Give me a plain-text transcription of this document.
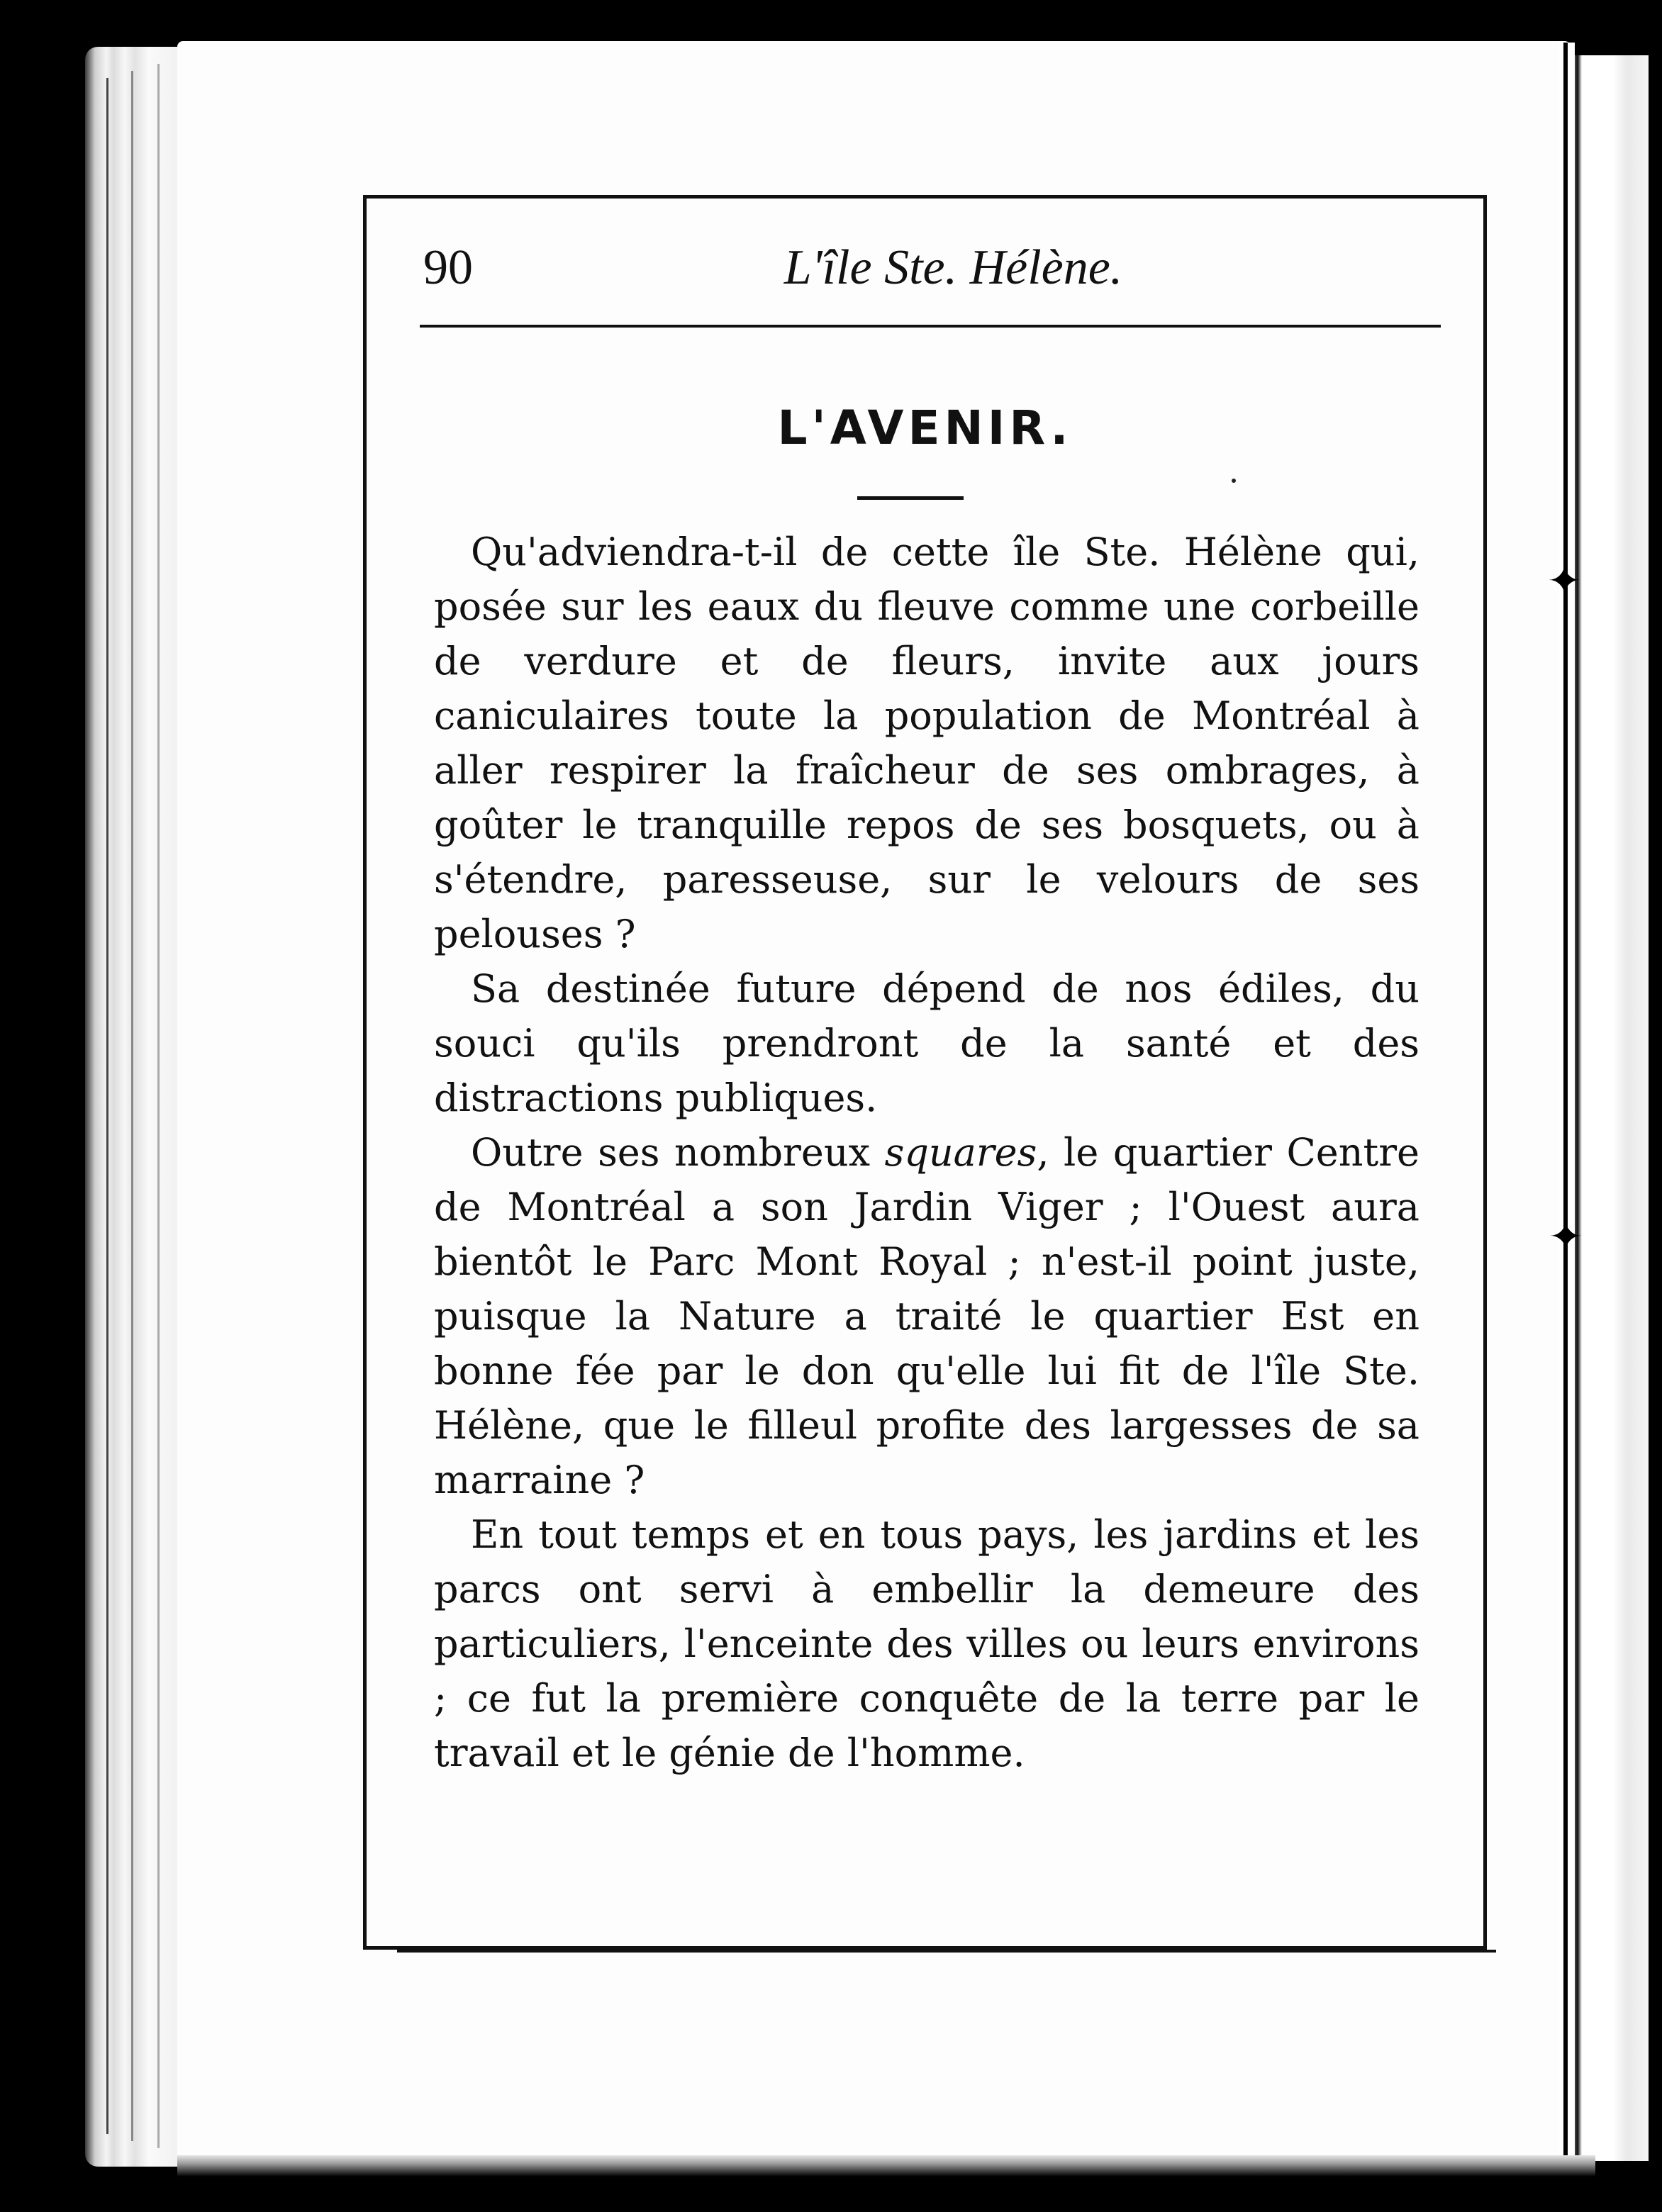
✦
✦
90	L'île Ste. Hélène.
L'AVENIR.

Qu'adviendra-t-il de cette île Ste. Hélène qui, posée sur les eaux du fleuve comme une corbeille de verdure et de fleurs, invite aux jours caniculaires toute la population de Montréal à aller respirer la fraîcheur de ses ombrages, à goûter le tranquille repos de ses bosquets, ou à s'étendre, paresseuse, sur le velours de ses pelouses ?

Sa destinée future dépend de nos édiles, du souci qu'ils prendront de la santé et des distractions publiques.

Outre ses nombreux squares, le quartier Centre de Montréal a son Jardin Viger ; l'Ouest aura bientôt le Parc Mont Royal ; n'est-il point juste, puisque la Nature a traité le quartier Est en bonne fée par le don qu'elle lui fit de l'île Ste. Hélène, que le filleul profite des largesses de sa marraine ?

En tout temps et en tous pays, les jardins et les parcs ont servi à embellir la demeure des particuliers, l'enceinte des villes ou leurs environs ; ce fut la première conquête de la terre par le travail et le génie de l'homme.
